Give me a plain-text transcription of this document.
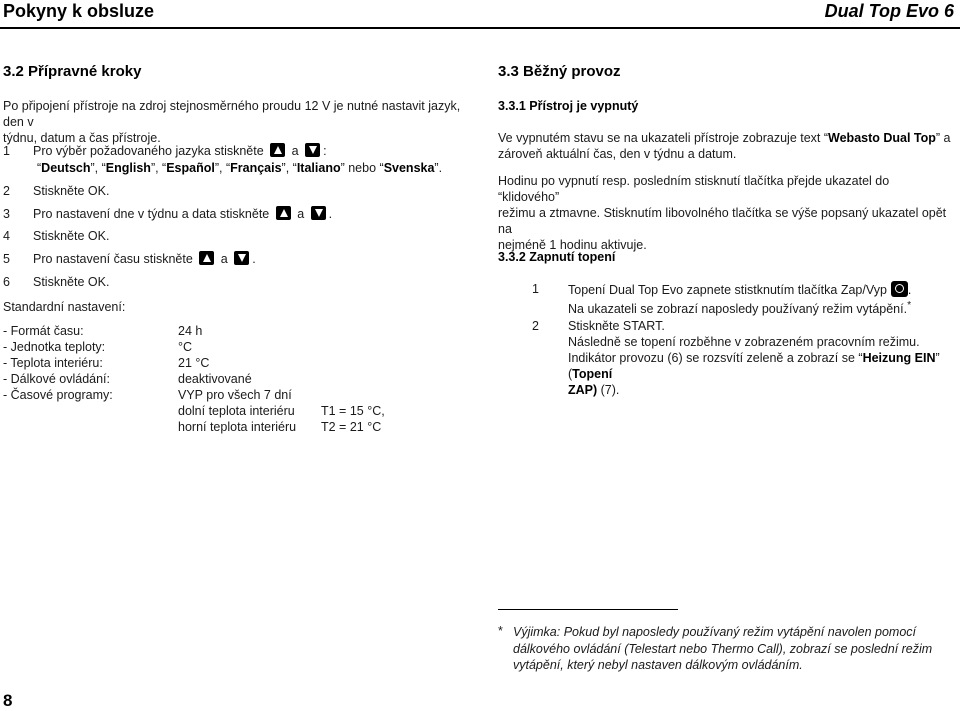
Pokyny k obsluze	Dual Top Evo 6
3.2 Přípravné kroky
Po připojení přístroje na zdroj stejnosměrného proudu 12 V je nutné nastavit jazyk, den v
týdnu, datum a čas přístroje.
1 Pro výběr požadovaného jazyka stiskněte a :
“Deutsch”, “English”, “Español”, “Français”, “Italiano” nebo “Svenska”.
2 Stiskněte OK.
3 Pro nastavení dne v týdnu a data stiskněte a .
4 Stiskněte OK.
5 Pro nastavení času stiskněte a .
6 Stiskněte OK.
Standardní nastavení:
- Formát času:	24 h
- Jednotka teploty:	°C
- Teplota interiéru:	21 °C
- Dálkové ovládání:	deaktivované
- Časové programy:	VYP pro všech 7 dní
dolní teplota interiéru T1 = 15 °C,
horní teplota interiéru T2 = 21 °C
3.3 Běžný provoz
3.3.1 Přístroj je vypnutý
Ve vypnutém stavu se na ukazateli přístroje zobrazuje text “Webasto Dual Top” a
zároveň aktuální čas, den v týdnu a datum.
Hodinu po vypnutí resp. posledním stisknutí tlačítka přejde ukazatel do “klidového”
režimu a ztmavne. Stisknutím libovolného tlačítka se výše popsaný ukazatel opět na
nejméně 1 hodinu aktivuje.
3.3.2 Zapnutí topení
1 Topení Dual Top Evo zapnete stistknutím tlačítka Zap/Vyp .
Na ukazateli se zobrazí naposledy používaný režim vytápění.*
2 Stiskněte START.
Následně se topení rozběhne v zobrazeném pracovním režimu.
Indikátor provozu (6) se rozsvítí zeleně a zobrazí se “Heizung EIN” (Topení
ZAP) (7).
* Výjimka: Pokud byl naposledy používaný režim vytápění navolen pomocí
dálkového ovládání (Telestart nebo Thermo Call), zobrazí se poslední režim
vytápění, který nebyl nastaven dálkovým ovládáním.
8
